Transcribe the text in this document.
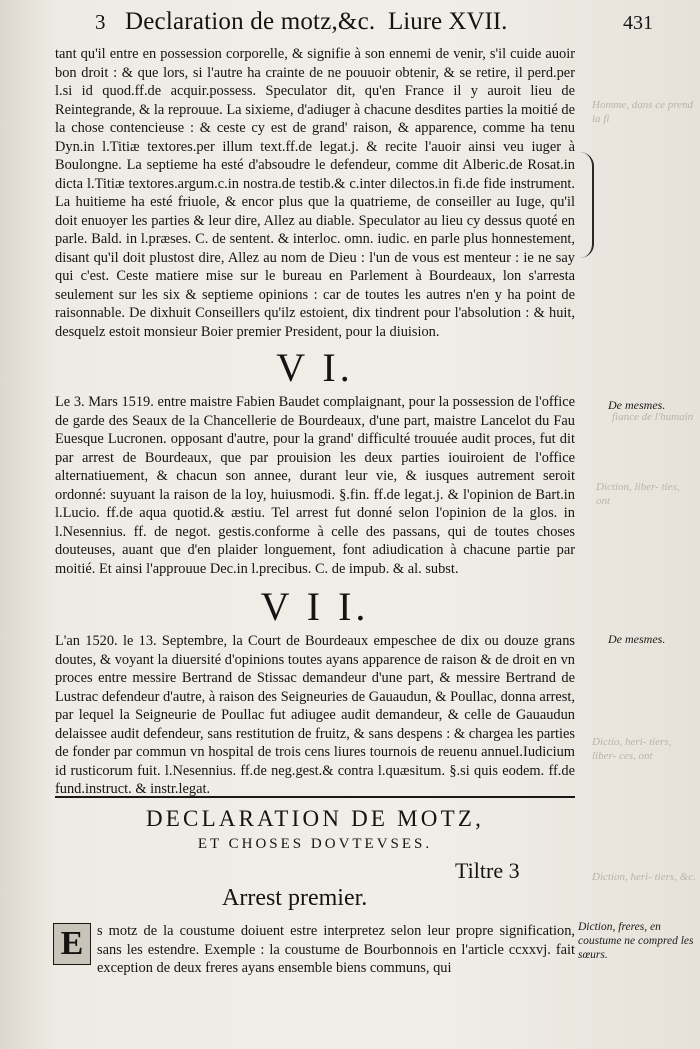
3 Declaration de motz,&c. Liure XVII.	431
Homme, dans ce prend la fi
fiance de l'humain
Diction, liber- ties, ont
Dictio, heri- tiers, liber- ces, ont
Diction, heri- tiers, &c.

tant qu'il entre en possession corporelle, & signifie à son ennemi de venir, s'il cuide auoir bon droit : & que lors, si l'autre ha crainte de ne pouuoir obtenir, & se retire, il perd.per l.si id quod.ff.de acquir.possess. Speculator dit, qu'en France il y auroit lieu de Reintegrande, & la reprouue. La sixieme, d'adiuger à chacune desdites parties la moitié de la chose contencieuse : & ceste cy est de grand' raison, & apparence, comme ha tenu Dyn.in l.Titiæ textores.per illum text.ff.de legat.j. & recite l'auoir ainsi veu iuger à Boulongne. La septieme ha esté d'absoudre le defendeur, comme dit Alberic.de Rosat.in dicta l.Titiæ textores.argum.c.in nostra.de testib.& c.inter dilectos.in fi.de fide instrument. La huitieme ha esté friuole, & encor plus que la quatrieme, de conseiller au Iuge, qu'il doit enuoyer les parties & leur dire, Allez au diable. Speculator au lieu cy dessus quoté en parle. Bald. in l.præses. C. de sentent. & interloc. omn. iudic. en parle plus honnestement, disant qu'il doit plustost dire, Allez au nom de Dieu : l'un de vous est menteur : ie ne say qui c'est. Ceste matiere mise sur le bureau en Parlement à Bourdeaux, lon s'arresta seulement sur les six & septieme opinions : car de toutes les autres n'en y ha point de raisonnable. De dixhuit Conseillers qu'ilz estoient, dix tindrent pour l'absolution : & huit, desquelz estoit monsieur Boier premier President, pour la diuision.

V I.

Le 3. Mars 1519. entre maistre Fabien Baudet complaignant, pour la possession de l'office de garde des Seaux de la Chancellerie de Bourdeaux, d'une part, maistre Lancelot du Fau Euesque Lucronen. opposant d'autre, pour la grand' difficulté trouuée audit proces, fut dit par arrest de Bourdeaux, que par prouision les deux parties iouiroient de l'office alternatiuement, & chacun son annee, durant leur vie, & iusques autrement seroit ordonné: suyuant la raison de la loy, huiusmodi. §.fin. ff.de legat.j. & l'opinion de Bart.in l.Lucio. ff.de aqua quotid.& æstiu. Tel arrest fut donné selon l'opinion de la glos. in l.Nesennius. ff. de negot. gestis.conforme à celle des passans, qui de toutes choses douteuses, auant que d'en plaider longuement, font adiudication à chacune partie par moitié. Et ainsi l'approuue Dec.in l.precibus. C. de impub. & al. subst.

V I I.

L'an 1520. le 13. Septembre, la Court de Bourdeaux empeschee de dix ou douze grans doutes, & voyant la diuersité d'opinions toutes ayans apparence de raison & de droit en vn proces entre messire Bertrand de Stissac demandeur d'une part, & messire Bertrand de Lustrac defendeur d'autre, à raison des Seigneuries de Gauaudun, & Poullac, donna arrest, par lequel la Seigneurie de Poullac fut adiugee audit demandeur, & celle de Gauaudun delaissee audit defendeur, sans restitution de fruitz, & sans despens : & chargea les parties de fonder par commun vn hospital de trois cens liures tournois de reuenu annuel.Iudicium id rusticorum fuit. l.Nesennius. ff.de neg.gest.& contra l.quæsitum. §.si quis eodem. ff.de fund.instruct. & instr.legat.

De mesmes.
De mesmes.
DECLARATION DE MOTZ,
ET CHOSES DOVTEVSES.
Tiltre 3
Arrest premier.
E s motz de la coustume doiuent estre interpretez selon leur propre signification, sans les estendre. Exemple : la coustume de Bourbonnois en l'article ccxxvj. fait exception de deux freres ayans ensemble biens communs, qui
Diction, freres, en coustume ne compred les sœurs.
